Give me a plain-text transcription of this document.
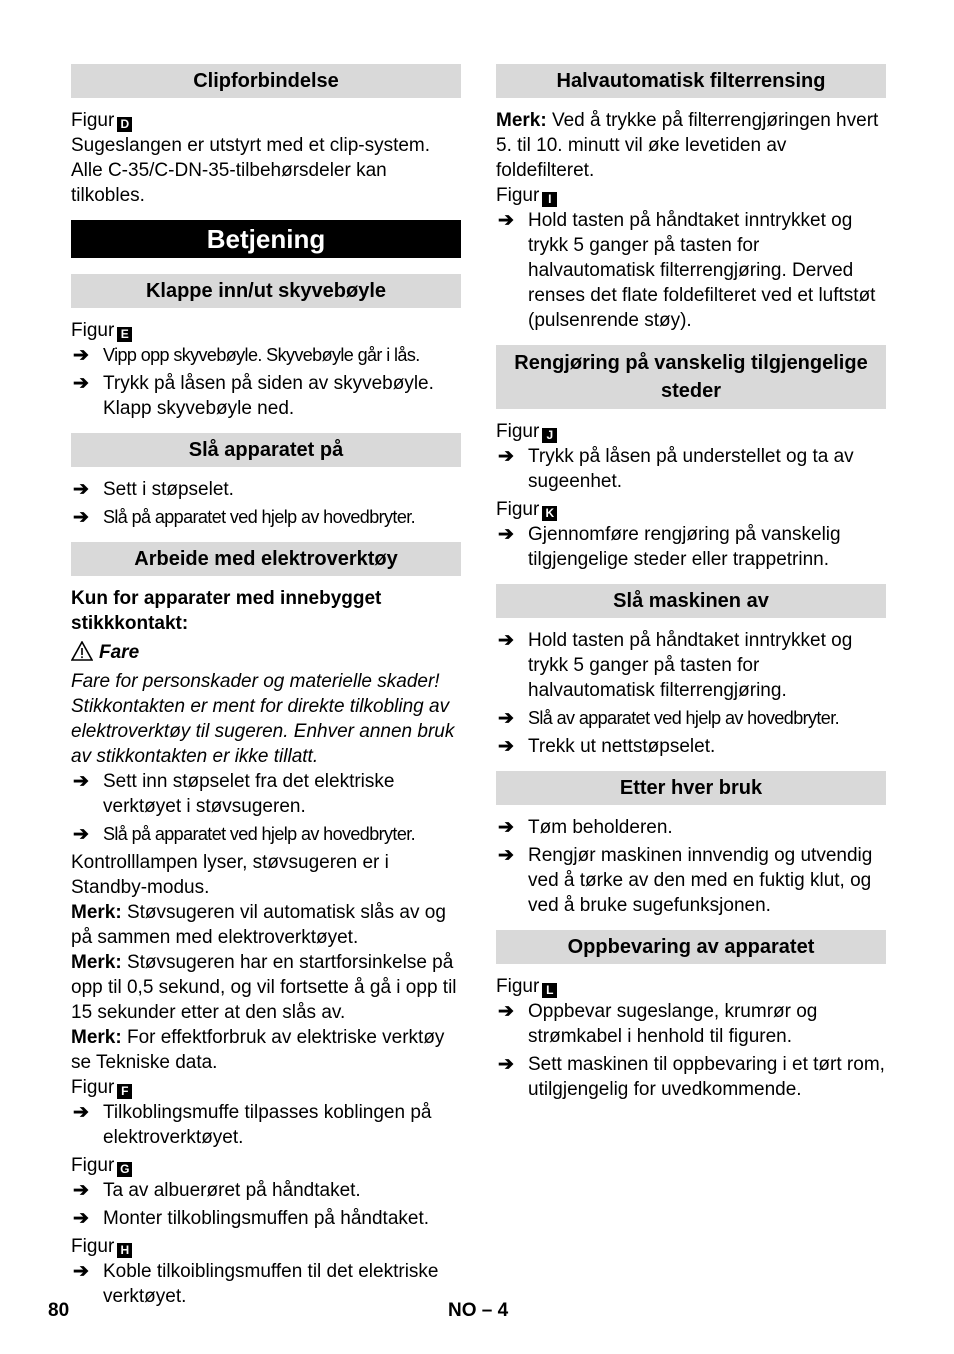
Clipforbindelse

Figur D

Sugeslangen er utstyrt med et clip-system. Alle C-35/C-DN-35-tilbehørsdeler kan tilkobles.

Betjening
Klappe inn/ut skyvebøyle

Figur E

➔ Vipp opp skyvebøyle. Skyvebøyle går i lås.
➔ Trykk på låsen på siden av skyvebøyle. Klapp skyvebøyle ned.
Slå apparatet på
➔ Sett i støpselet.
➔ Slå på apparatet ved hjelp av hovedbryter.
Arbeide med elektroverktøy

Kun for apparater med innebygget stikkkontakt:

Fare

Fare for personskader og materielle skader! Stikkontakten er ment for direkte tilkobling av elektroverktøy til sugeren. Enhver annen bruk av stikkontakten er ikke tillatt.

➔ Sett inn støpselet fra det elektriske verktøyet i støvsugeren.
➔ Slå på apparatet ved hjelp av hovedbryter.

Kontrolllampen lyser, støvsugeren er i Standby-modus.

Merk: Støvsugeren vil automatisk slås av og på sammen med elektroverktøyet.

Merk: Støvsugeren har en startforsinkelse på opp til 0,5 sekund, og vil fortsette å gå i opp til 15 sekunder etter at den slås av.

Merk: For effektforbruk av elektriske verktøy se Tekniske data.

Figur F

➔ Tilkoblingsmuffe tilpasses koblingen på elektroverktøyet.

Figur G

➔ Ta av albuerøret på håndtaket.
➔ Monter tilkoblingsmuffen på håndtaket.

Figur H

➔ Koble tilkoiblingsmuffen til det elektriske verktøyet.
Halvautomatisk filterrensing

Merk: Ved å trykke på filterrengjøringen hvert 5. til 10. minutt vil øke levetiden av foldefilteret.

Figur I

➔ Hold tasten på håndtaket inntrykket og trykk 5 ganger på tasten for halvautomatisk filterrengjøring. Derved renses det flate foldefilteret ved et luftstøt (pulsenrende støy).
Rengjøring på vanskelig tilgjengelige steder

Figur J

➔ Trykk på låsen på understellet og ta av sugeenhet.

Figur K

➔ Gjennomføre rengjøring på vanskelig tilgjengelige steder eller trappetrinn.
Slå maskinen av
➔ Hold tasten på håndtaket inntrykket og trykk 5 ganger på tasten for halvautomatisk filterrengjøring.
➔ Slå av apparatet ved hjelp av hovedbryter.
➔ Trekk ut nettstøpselet.
Etter hver bruk
➔ Tøm beholderen.
➔ Rengjør maskinen innvendig og utvendig ved å tørke av den med en fuktig klut, og ved å bruke sugefunksjonen.
Oppbevaring av apparatet

Figur L

➔ Oppbevar sugeslange, krumrør og strømkabel i henhold til figuren.
➔ Sett maskinen til oppbevaring i et tørt rom, utilgjengelig for uvedkommende.
80	NO – 4
